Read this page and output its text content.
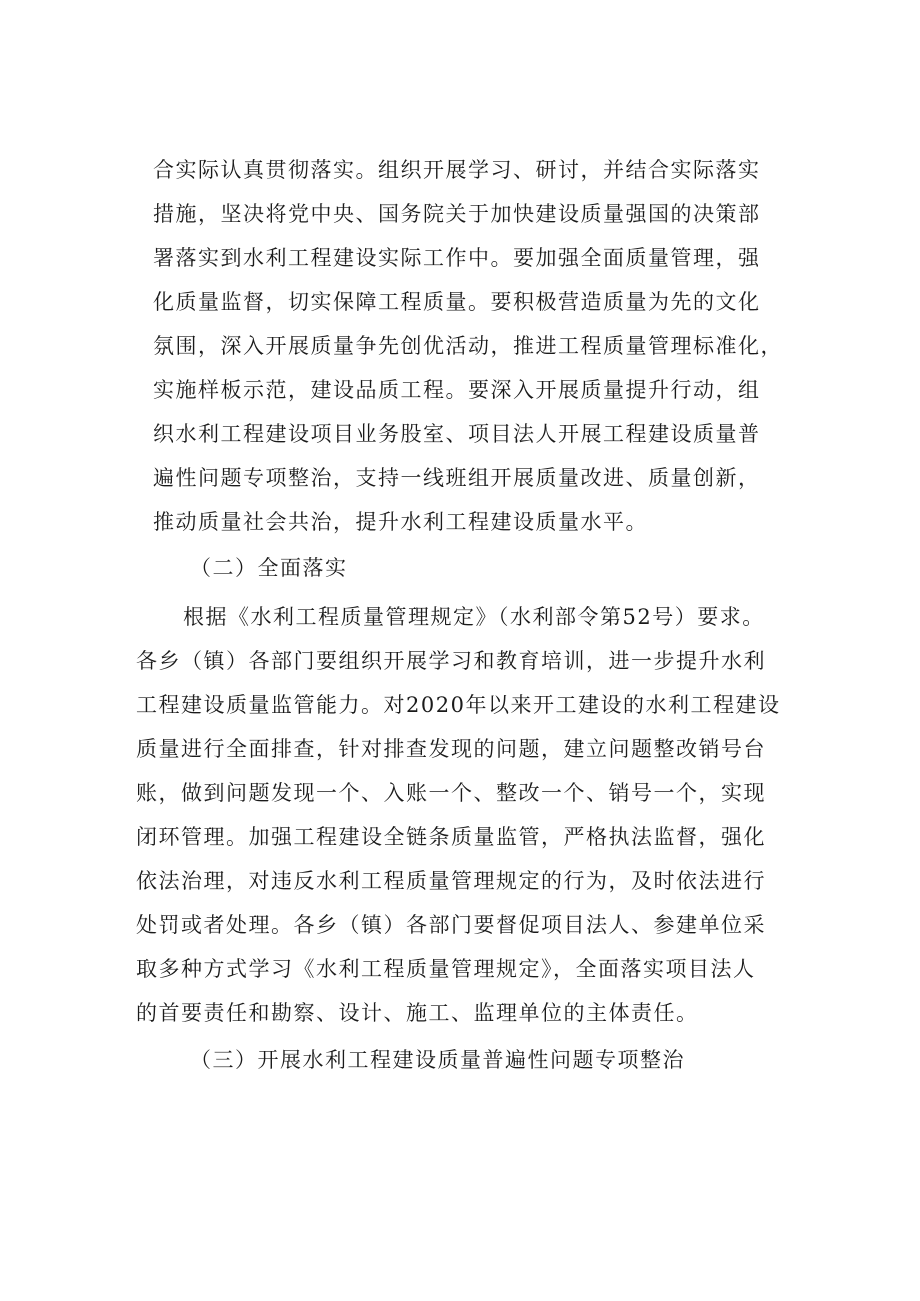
合实际认真贯彻落实。组织开展学习、研讨，并结合实际落实
措施，坚决将党中央、国务院关于加快建设质量强国的决策部
署落实到水利工程建设实际工作中。要加强全面质量管理，强
化质量监督，切实保障工程质量。要积极营造质量为先的文化
氛围，深入开展质量争先创优活动，推进工程质量管理标准化，
实施样板示范，建设品质工程。要深入开展质量提升行动，组
织水利工程建设项目业务股室、项目法人开展工程建设质量普
遍性问题专项整治，支持一线班组开展质量改进、质量创新，
推动质量社会共治，提升水利工程建设质量水平。
（二）全面落实
根据《水利工程质量管理规定》（水利部令第52号）要求。
各乡（镇）各部门要组织开展学习和教育培训，进一步提升水利
工程建设质量监管能力。对2020年以来开工建设的水利工程建设
质量进行全面排查，针对排查发现的问题，建立问题整改销号台
账，做到问题发现一个、入账一个、整改一个、销号一个，实现
闭环管理。加强工程建设全链条质量监管，严格执法监督，强化
依法治理，对违反水利工程质量管理规定的行为，及时依法进行
处罚或者处理。各乡（镇）各部门要督促项目法人、参建单位采
取多种方式学习《水利工程质量管理规定》，全面落实项目法人
的首要责任和勘察、设计、施工、监理单位的主体责任。
（三）开展水利工程建设质量普遍性问题专项整治
